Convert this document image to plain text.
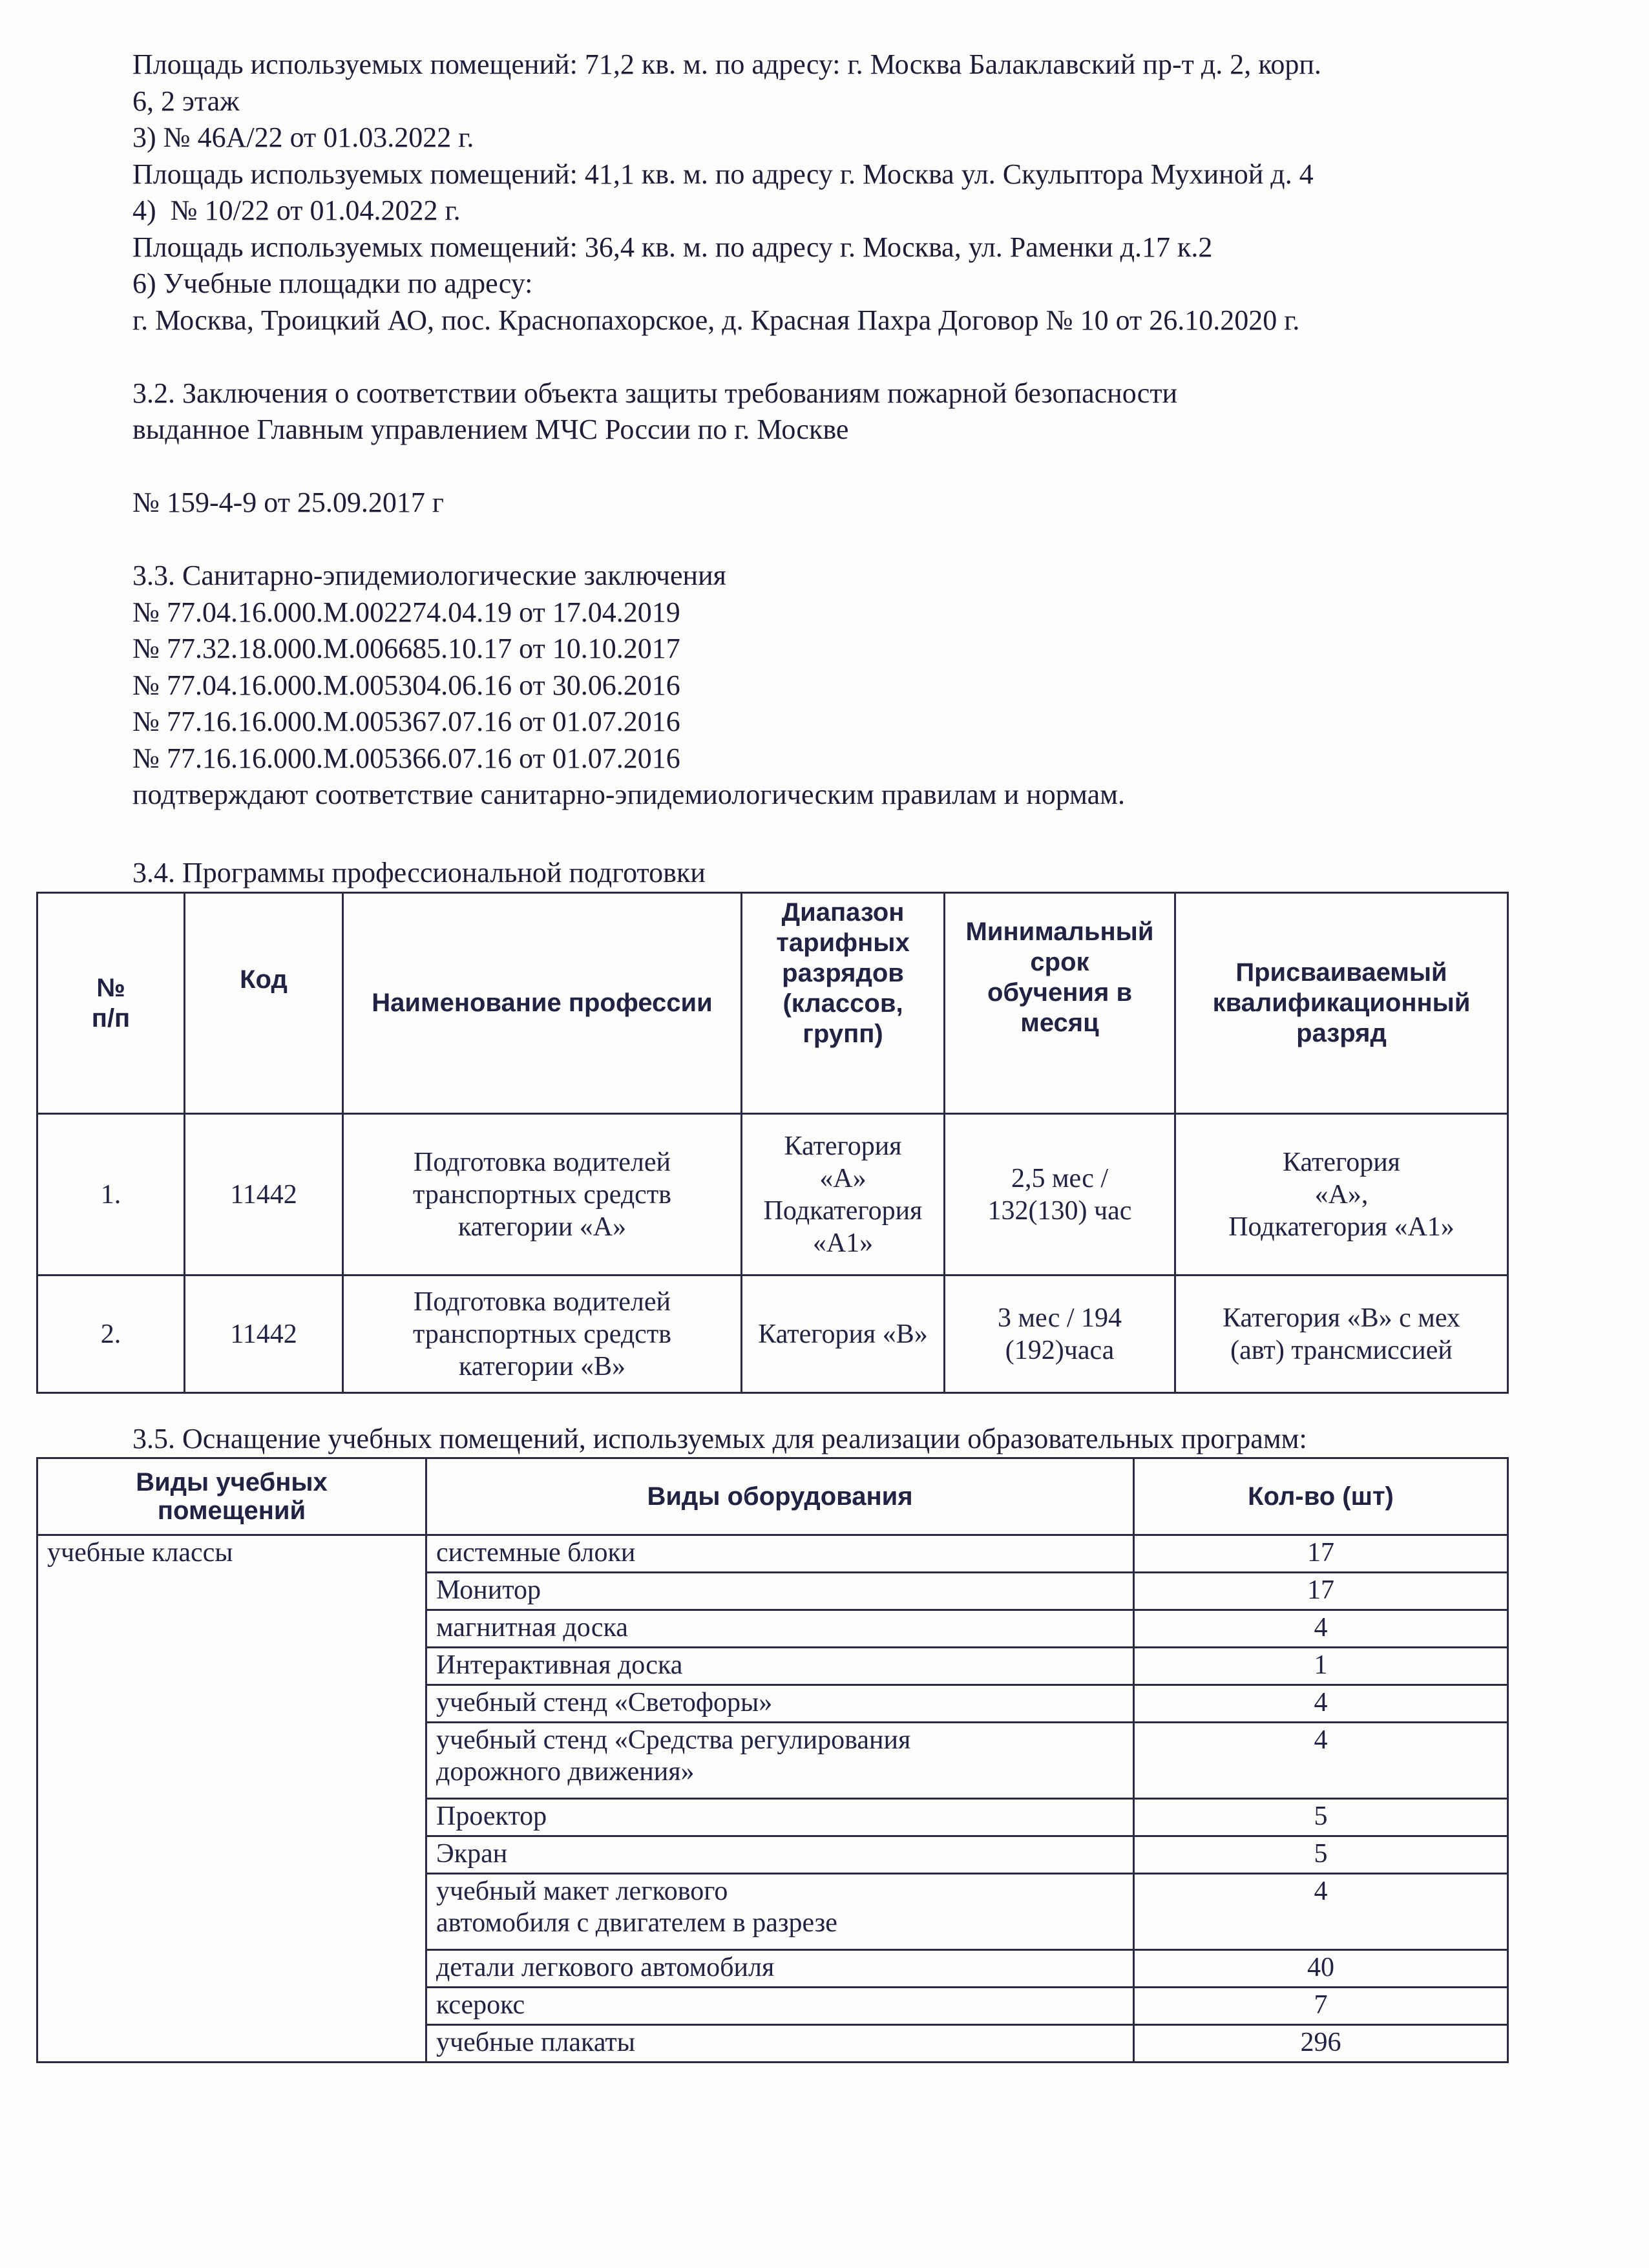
Площадь используемых помещений: 71,2 кв. м. по адресу: г. Москва Балаклавский пр-т д. 2, корп.

6, 2 этаж

3) № 46А/22 от 01.03.2022 г.

Площадь используемых помещений: 41,1 кв. м. по адресу г. Москва ул. Скульптора Мухиной д. 4

4)  № 10/22 от 01.04.2022 г.

Площадь используемых помещений: 36,4 кв. м. по адресу г. Москва, ул. Раменки д.17 к.2

6) Учебные площадки по адресу:

г. Москва, Троицкий АО, пос. Краснопахорское, д. Красная Пахра Договор № 10 от 26.10.2020 г.

3.2. Заключения о соответствии объекта защиты требованиям пожарной безопасности

выданное Главным управлением МЧС России по г. Москве

№ 159-4-9 от 25.09.2017 г

3.3. Санитарно-эпидемиологические заключения

№ 77.04.16.000.М.002274.04.19 от 17.04.2019

№ 77.32.18.000.М.006685.10.17 от 10.10.2017

№ 77.04.16.000.М.005304.06.16 от 30.06.2016

№ 77.16.16.000.М.005367.07.16 от 01.07.2016

№ 77.16.16.000.М.005366.07.16 от 01.07.2016

подтверждают соответствие санитарно-эпидемиологическим правилам и нормам.

3.4. Программы профессиональной подготовки
№
п/п	Код	Наименование профессии	Диапазон
тарифных
разрядов
(классов,
групп)	Минимальный
срок
обучения в
месяц	Присваиваемый
квалификационный
разряд
1.	11442	Подготовка водителей
транспортных средств
категории «А»	Категория
«А»
Подкатегория
«А1»	2,5 мес /
132(130) час	Категория
«А»,
Подкатегория «А1»
2.	11442	Подготовка водителей
транспортных средств
категории «В»	Категория «В»	3 мес / 194
(192)часа	Категория «В» с мех
(авт) трансмиссией
3.5. Оснащение учебных помещений, используемых для реализации образовательных программ:
Виды учебных
помещений	Виды оборудования	Кол-во (шт)
учебные классы	системные блоки	17
	Монитор	17
	магнитная доска	4
	Интерактивная доска	1
	учебный стенд «Светофоры»	4
	учебный стенд «Средства регулирования
дорожного движения»	4
	Проектор	5
	Экран	5
	учебный макет легкового
автомобиля с двигателем в разрезе	4
	детали легкового автомобиля	40
	ксерокс	7
	учебные плакаты	296
